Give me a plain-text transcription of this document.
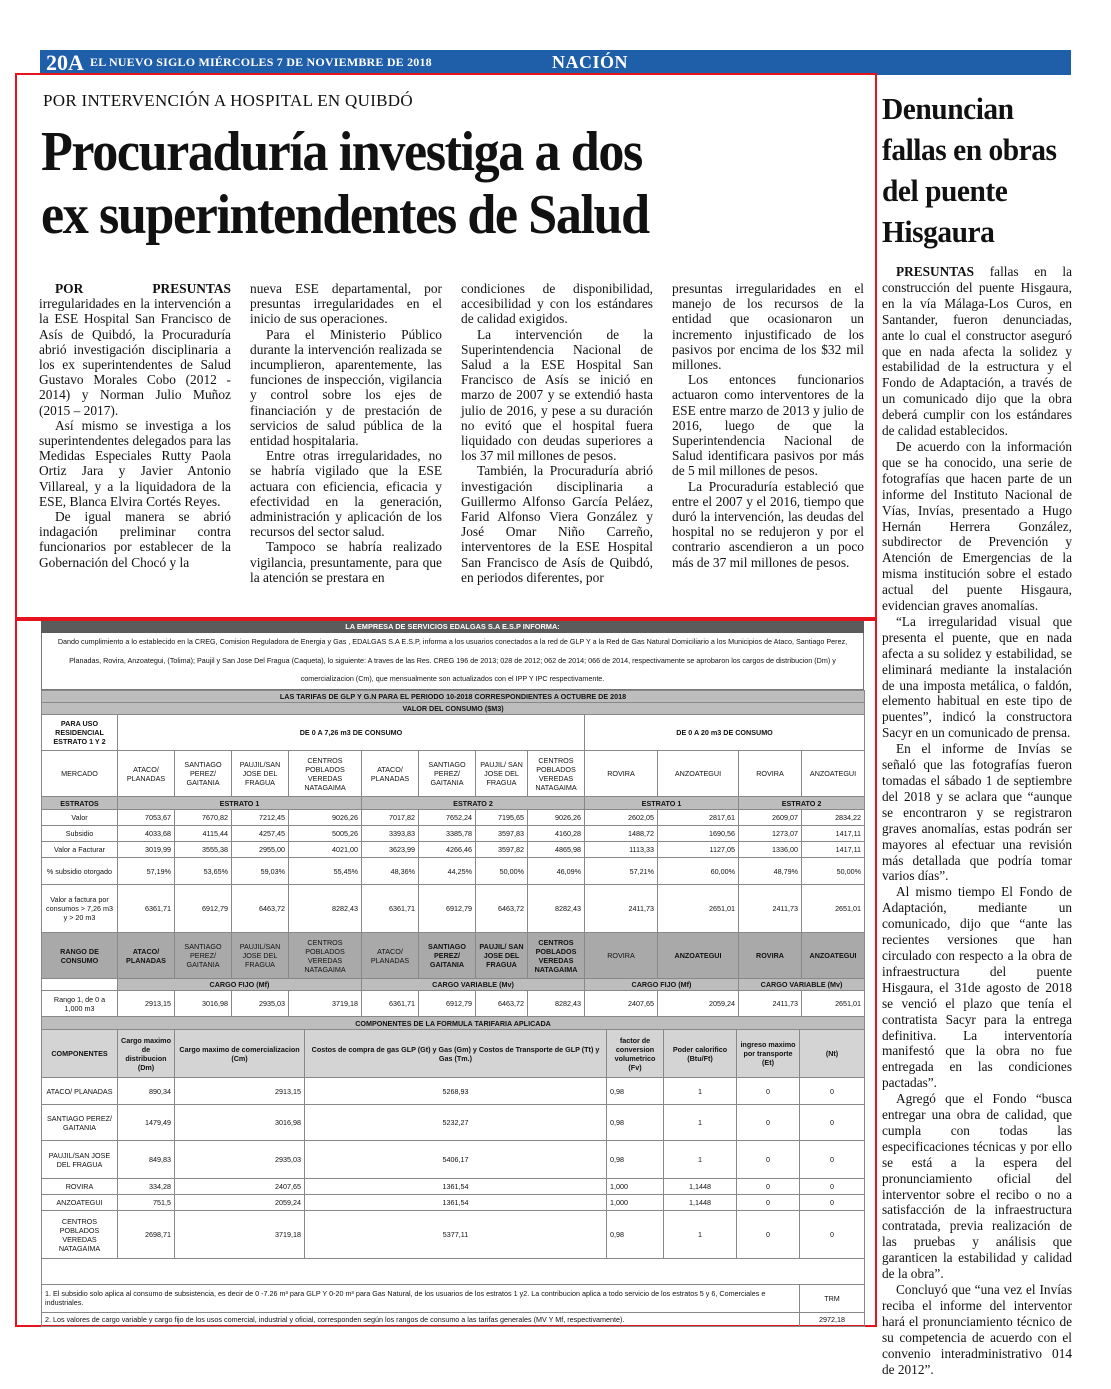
20A EL NUEVO SIGLO MIÉRCOLES 7 DE NOVIEMBRE DE 2018	NACIÓN
POR INTERVENCIÓN A HOSPITAL EN QUIBDÓ
Procuraduría investiga a dos
ex superintendentes de Salud

POR PRESUNTAS irregularidades en la intervención a la ESE Hospital San Francisco de Asís de Quibdó, la Procuraduría abrió investigación disciplinaria a los ex superintendentes de Salud Gustavo Morales Cobo (2012 - 2014) y Norman Julio Muñoz (2015 – 2017).

Así mismo se investiga a los superintendentes delegados para las Medidas Especiales Rutty Paola Ortiz Jara y Javier Antonio Villareal, y a la liquidadora de la ESE, Blanca Elvira Cortés Reyes.

De igual manera se abrió indagación preliminar contra funcionarios por establecer de la Gobernación del Chocó y la

nueva ESE departamental, por presuntas irregularidades en el inicio de sus operaciones.

Para el Ministerio Público durante la intervención realizada se incumplieron, aparentemente, las funciones de inspección, vigilancia y control sobre los ejes de financiación y de prestación de servicios de salud pública de la entidad hospitalaria.

Entre otras irregularidades, no se habría vigilado que la ESE actuara con eficiencia, eficacia y efectividad en la generación, administración y aplicación de los recursos del sector salud.

Tampoco se habría realizado vigilancia, presuntamente, para que la atención se prestara en

condiciones de disponibilidad, accesibilidad y con los estándares de calidad exigidos.

La intervención de la Superintendencia Nacional de Salud a la ESE Hospital San Francisco de Asís se inició en marzo de 2007 y se extendió hasta julio de 2016, y pese a su duración no evitó que el hospital fuera liquidado con deudas superiores a los 37 mil millones de pesos.

También, la Procuraduría abrió investigación disciplinaria a Guillermo Alfonso García Peláez, Farid Alfonso Viera González y José Omar Niño Carreño, interventores de la ESE Hospital San Francisco de Asís de Quibdó, en periodos diferentes, por

presuntas irregularidades en el manejo de los recursos de la entidad que ocasionaron un incremento injustificado de los pasivos por encima de los $32 mil millones.

Los entonces funcionarios actuaron como interventores de la ESE entre marzo de 2013 y julio de 2016, luego de que la Superintendencia Nacional de Salud identificara pasivos por más de 5 mil millones de pesos.

La Procuraduría estableció que entre el 2007 y el 2016, tiempo que duró la intervención, las deudas del hospital no se redujeron y por el contrario ascendieron a un poco más de 37 mil millones de pesos.

Denuncian fallas en obras del puente Hisgaura

PRESUNTAS fallas en la construcción del puente Hisgaura, en la vía Málaga-Los Curos, en Santander, fueron denunciadas, ante lo cual el constructor aseguró que en nada afecta la solidez y estabilidad de la estructura y el Fondo de Adaptación, a través de un comunicado dijo que la obra deberá cumplir con los estándares de calidad establecidos.

De acuerdo con la información que se ha conocido, una serie de fotografías que hacen parte de un informe del Instituto Nacional de Vías, Invías, presentado a Hugo Hernán Herrera González, subdirector de Prevención y Atención de Emergencias de la misma institución sobre el estado actual del puente Hisgaura, evidencian graves anomalías.

“La irregularidad visual que presenta el puente, que en nada afecta a su solidez y estabilidad, se eliminará mediante la instalación de una imposta metálica, o faldón, elemento habitual en este tipo de puentes”, indicó la constructora Sacyr en un comunicado de prensa.

En el informe de Invías se señaló que las fotografías fueron tomadas el sábado 1 de septiembre del 2018 y se aclara que “aunque se encontraron y se registraron graves anomalías, estas podrán ser mayores al efectuar una revisión más detallada que podría tomar varios días”.

Al mismo tiempo El Fondo de Adaptación, mediante un comunicado, dijo que “ante las recientes versiones que han circulado con respecto a la obra de infraestructura del puente Hisgaura, el 31de agosto de 2018 se venció el plazo que tenía el contratista Sacyr para la entrega definitiva. La interventoría manifestó que la obra no fue entregada en las condiciones pactadas”.

Agregó que el Fondo “busca entregar una obra de calidad, que cumpla con todas las especificaciones técnicas y por ello se está a la espera del pronunciamiento oficial del interventor sobre el recibo o no a satisfacción de la infraestructura contratada, previa realización de las pruebas y análisis que garanticen la estabilidad y calidad de la obra”.

Concluyó que “una vez el Invías reciba el informe del interventor hará el pronunciamiento técnico de su competencia de acuerdo con el convenio interadministrativo 014 de 2012”.

LA EMPRESA DE SERVICIOS EDALGAS S.A E.S.P INFORMA:
Dando cumplimiento a lo establecido en la CREG, Comision Reguladora de Energia y Gas , EDALGAS S.A E.S.P, informa a los usuarios conectados a la red de GLP Y a la Red de Gas Natural Domiciliario a los Municipios de Ataco, Santiago Perez, Planadas, Rovira, Anzoategui, (Tolima); Paujil y San Jose Del Fragua (Caqueta), lo siguiente: A traves de las Res. CREG 196 de 2013; 028 de 2012; 062 de 2014; 066 de 2014, respectivamente se aprobaron los cargos de distribucion (Dm) y comercializacion (Cm), que mensualmente son actualizados con el IPP Y IPC respectivamente.
LAS TARIFAS DE GLP Y G.N PARA EL PERIODO 10-2018 CORRESPONDIENTES A OCTUBRE DE 2018												
VALOR DEL CONSUMO ($M3)												
PARA USO RESIDENCIAL ESTRATO 1 Y 2	DE 0 A 7,26 m3 DE CONSUMO								DE 0 A 20 m3 DE CONSUMO			
MERCADO	ATACO/ PLANADAS	SANTIAGO PEREZ/ GAITANIA	PAUJIL/SAN JOSE DEL FRAGUA	CENTROS POBLADOS VEREDAS NATAGAIMA	ATACO/ PLANADAS	SANTIAGO PEREZ/ GAITANIA	PAUJIL/ SAN JOSE DEL FRAGUA	CENTROS POBLADOS VEREDAS NATAGAIMA	ROVIRA	ANZOATEGUI	ROVIRA	ANZOATEGUI
ESTRATOS	ESTRATO 1				ESTRATO 2				ESTRATO 1		ESTRATO 2	
Valor	7053,67	7670,82	7212,45	9026,26	7017,82	7652,24	7195,65	9026,26	2602,05	2817,61	2609,07	2834,22
Subsidio	4033,68	4115,44	4257,45	5005,26	3393,83	3385,78	3597,83	4160,28	1488,72	1690,56	1273,07	1417,11
Valor a Facturar	3019,99	3555,38	2955,00	4021,00	3623,99	4266,46	3597,82	4865,98	1113,33	1127,05	1336,00	1417,11
% subsidio otorgado	57,19%	53,65%	59,03%	55,45%	48,36%	44,25%	50,00%	46,09%	57,21%	60,00%	48,79%	50,00%
Valor a factura por consumos > 7,26 m3 y > 20 m3	6361,71	6912,79	6463,72	8282,43	6361,71	6912,79	6463,72	8282,43	2411,73	2651,01	2411,73	2651,01
RANGO DE CONSUMO	ATACO/ PLANADAS	SANTIAGO PEREZ/ GAITANIA	PAUJIL/SAN JOSE DEL FRAGUA	CENTROS POBLADOS VEREDAS NATAGAIMA	ATACO/ PLANADAS	SANTIAGO PEREZ/ GAITANIA	PAUJIL/ SAN JOSE DEL FRAGUA	CENTROS POBLADOS VEREDAS NATAGAIMA	ROVIRA	ANZOATEGUI	ROVIRA	ANZOATEGUI
	CARGO FIJO (Mf)				CARGO VARIABLE (Mv)				CARGO FIJO (Mf)		CARGO VARIABLE (Mv)	
Rango 1, de 0 a 1,000 m3	2913,15	3016,98	2935,03	3719,18	6361,71	6912,79	6463,72	8282,43	2407,65	2059,24	2411,73	2651,01
COMPONENTES DE LA FORMULA TARIFARIA APLICADA							
COMPONENTES	Cargo maximo de distribucion (Dm)	Cargo maximo de comercializacion (Cm)	Costos de compra de gas GLP (Gt) y Gas (Gm) y Costos de Transporte de GLP (Tt) y Gas (Tm.)	factor de conversion volumetrico (Fv)	Poder calorifico (Btu/Ft)	ingreso maximo por transporte (Et)	(Nt)
ATACO/ PLANADAS	890,34	2913,15	5268,93	0,98	1	0	0
SANTIAGO PEREZ/ GAITANIA	1479,49	3016,98	5232,27	0,98	1	0	0
PAUJIL/SAN JOSE DEL FRAGUA	849,83	2935,03	5406,17	0,98	1	0	0
ROVIRA	334,28	2407,65	1361,54	1,000	1,1448	0	0
ANZOATEGUI	751,5	2059,24	1361,54	1,000	1,1448	0	0
CENTROS POBLADOS VEREDAS NATAGAIMA	2698,71	3719,18	5377,11	0,98	1	0	0

1. El subsidio solo aplica al consumo de subsistencia, es decir de 0 -7.26 m³ para GLP Y 0-20 m³ para Gas Natural, de los usuarios de los estratos 1 y2. La contribucion aplica a todo servicio de los estratos 5 y 6, Comerciales e industriales.	TRM
2. Los valores de cargo variable y cargo fijo de los usos comercial, industrial y oficial, corresponden según los rangos de consumo a las tarifas generales (MV Y Mf, respectivamente).	2972,18
